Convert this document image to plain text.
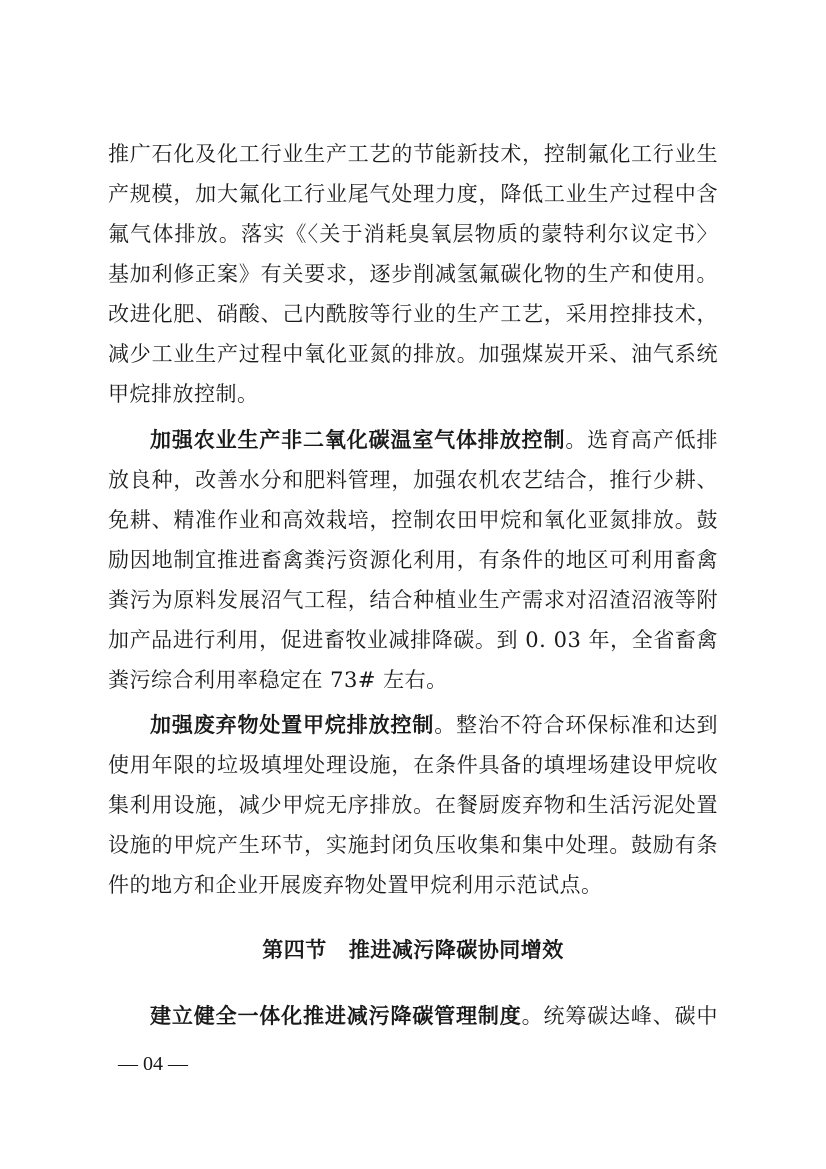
推广石化及化工行业生产工艺的节能新技术，控制氟化工行业生
产规模，加大氟化工行业尾气处理力度，降低工业生产过程中含
氟气体排放。落实《〈关于消耗臭氧层物质的蒙特利尔议定书〉
基加利修正案》有关要求，逐步削减氢氟碳化物的生产和使用。
改进化肥、硝酸、己内酰胺等行业的生产工艺，采用控排技术，
减少工业生产过程中氧化亚氮的排放。加强煤炭开采、油气系统
甲烷排放控制。
加强农业生产非二氧化碳温室气体排放控制。选育高产低排
放良种，改善水分和肥料管理，加强农机农艺结合，推行少耕、
免耕、精准作业和高效栽培，控制农田甲烷和氧化亚氮排放。鼓
励因地制宜推进畜禽粪污资源化利用，有条件的地区可利用畜禽
粪污为原料发展沼气工程，结合种植业生产需求对沼渣沼液等附
加产品进行利用，促进畜牧业减排降碳。到 0. 03 年，全省畜禽
粪污综合利用率稳定在 73# 左右。
加强废弃物处置甲烷排放控制。整治不符合环保标准和达到
使用年限的垃圾填埋处理设施，在条件具备的填埋场建设甲烷收
集利用设施，减少甲烷无序排放。在餐厨废弃物和生活污泥处置
设施的甲烷产生环节，实施封闭负压收集和集中处理。鼓励有条
件的地方和企业开展废弃物处置甲烷利用示范试点。
第四节 推进减污降碳协同增效
建立健全一体化推进减污降碳管理制度。统筹碳达峰、碳中
— 04 —
